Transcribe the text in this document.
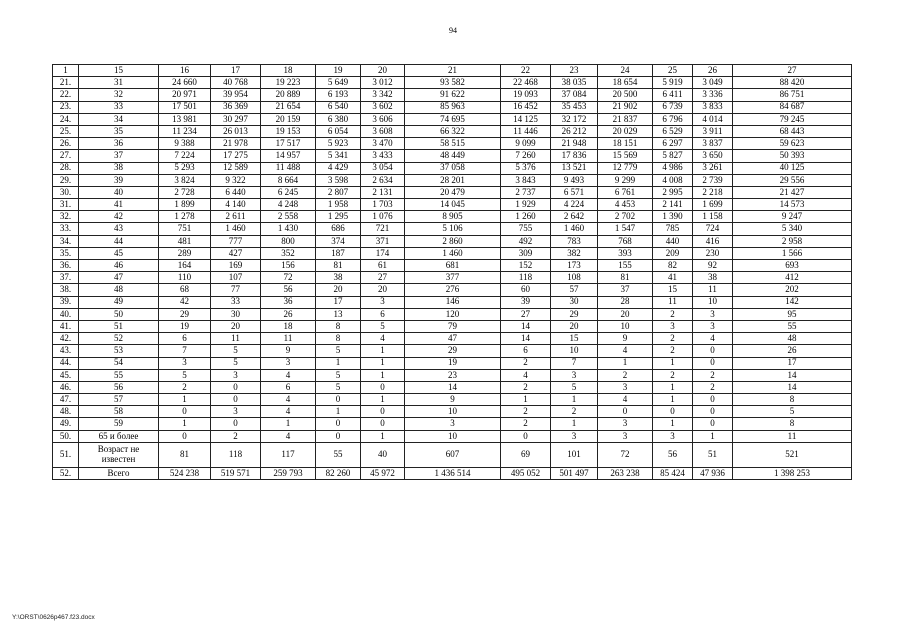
94
1	15	16	17	18	19	20	21	22	23	24	25	26	27
21.	31	24 660	40 768	19 223	5 649	3 012	93 582	22 468	38 035	18 654	5 919	3 049	88 420
22.	32	20 971	39 954	20 889	6 193	3 342	91 622	19 093	37 084	20 500	6 411	3 336	86 751
23.	33	17 501	36 369	21 654	6 540	3 602	85 963	16 452	35 453	21 902	6 739	3 833	84 687
24.	34	13 981	30 297	20 159	6 380	3 606	74 695	14 125	32 172	21 837	6 796	4 014	79 245
25.	35	11 234	26 013	19 153	6 054	3 608	66 322	11 446	26 212	20 029	6 529	3 911	68 443
26.	36	9 388	21 978	17 517	5 923	3 470	58 515	9 099	21 948	18 151	6 297	3 837	59 623
27.	37	7 224	17 275	14 957	5 341	3 433	48 449	7 260	17 836	15 569	5 827	3 650	50 393
28.	38	5 293	12 589	11 488	4 429	3 054	37 058	5 376	13 521	12 779	4 986	3 261	40 125
29.	39	3 824	9 322	8 664	3 598	2 634	28 201	3 843	9 493	9 299	4 008	2 739	29 556
30.	40	2 728	6 440	6 245	2 807	2 131	20 479	2 737	6 571	6 761	2 995	2 218	21 427
31.	41	1 899	4 140	4 248	1 958	1 703	14 045	1 929	4 224	4 453	2 141	1 699	14 573
32.	42	1 278	2 611	2 558	1 295	1 076	8 905	1 260	2 642	2 702	1 390	1 158	9 247
33.	43	751	1 460	1 430	686	721	5 106	755	1 460	1 547	785	724	5 340
34.	44	481	777	800	374	371	2 860	492	783	768	440	416	2 958
35.	45	289	427	352	187	174	1 460	309	382	393	209	230	1 566
36.	46	164	169	156	81	61	681	152	173	155	82	92	693
37.	47	110	107	72	38	27	377	118	108	81	41	38	412
38.	48	68	77	56	20	20	276	60	57	37	15	11	202
39.	49	42	33	36	17	3	146	39	30	28	11	10	142
40.	50	29	30	26	13	6	120	27	29	20	2	3	95
41.	51	19	20	18	8	5	79	14	20	10	3	3	55
42.	52	6	11	11	8	4	47	14	15	9	2	4	48
43.	53	7	5	9	5	1	29	6	10	4	2	0	26
44.	54	3	5	3	1	1	19	2	7	1	1	0	17
45.	55	5	3	4	5	1	23	4	3	2	2	2	14
46.	56	2	0	6	5	0	14	2	5	3	1	2	14
47.	57	1	0	4	0	1	9	1	1	4	1	0	8
48.	58	0	3	4	1	0	10	2	2	0	0	0	5
49.	59	1	0	1	0	0	3	2	1	3	1	0	8
50.	65 и более	0	2	4	0	1	10	0	3	3	3	1	11
51.	Возраст не известен	81	118	117	55	40	607	69	101	72	56	51	521
52.	Всего	524 238	519 571	259 793	82 260	45 972	1 436 514	495 052	501 497	263 238	85 424	47 936	1 398 253
Y:\ORST\0626p467.f23.docx
